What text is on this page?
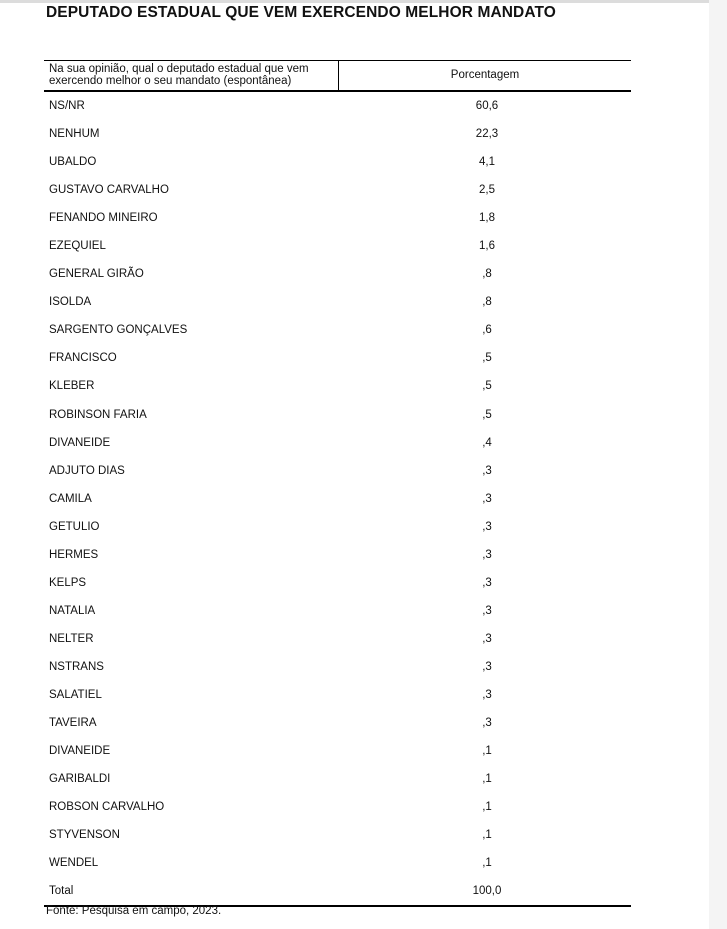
DEPUTADO ESTADUAL QUE VEM EXERCENDO MELHOR MANDATO
Na sua opinião, qual o deputado estadual que vem exercendo melhor o seu mandato (espontânea)	Porcentagem
NS/NR	60,6
NENHUM	22,3
UBALDO	4,1
GUSTAVO CARVALHO	2,5
FENANDO MINEIRO	1,8
EZEQUIEL	1,6
GENERAL GIRÃO	,8
ISOLDA	,8
SARGENTO GONÇALVES	,6
FRANCISCO	,5
KLEBER	,5
ROBINSON FARIA	,5
DIVANEIDE	,4
ADJUTO DIAS	,3
CAMILA	,3
GETULIO	,3
HERMES	,3
KELPS	,3
NATALIA	,3
NELTER	,3
NSTRANS	,3
SALATIEL	,3
TAVEIRA	,3
DIVANEIDE	,1
GARIBALDI	,1
ROBSON CARVALHO	,1
STYVENSON	,1
WENDEL	,1
Total	100,0
Fonte: Pesquisa em campo, 2023.
